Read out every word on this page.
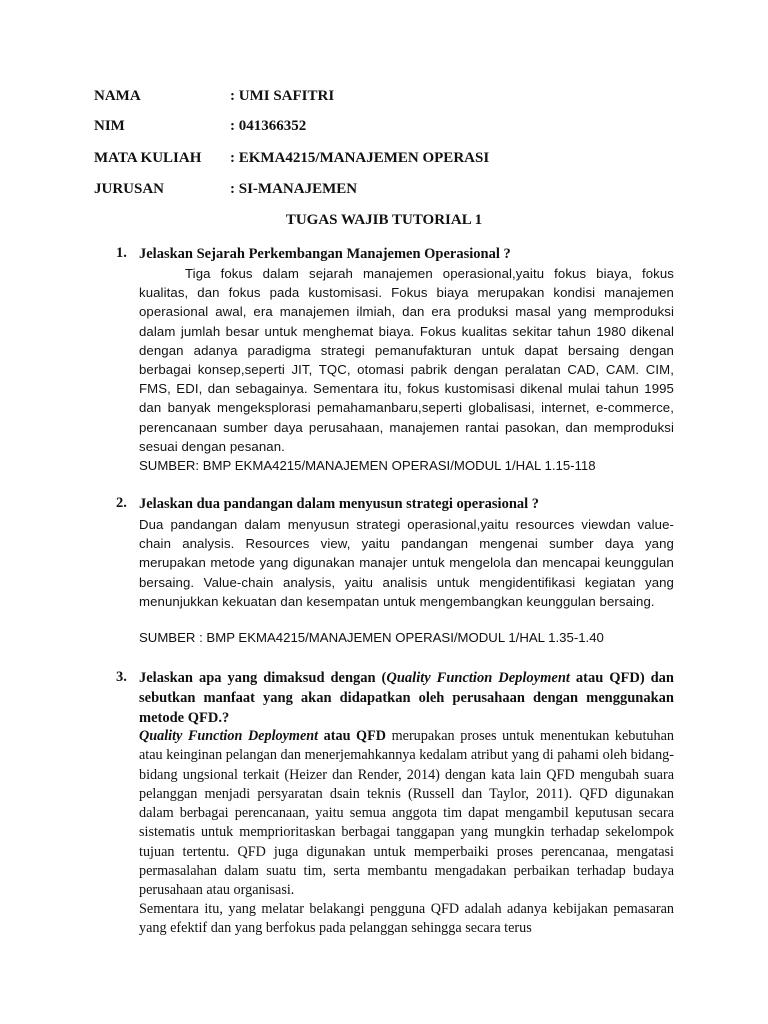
NAMA	: UMI SAFITRI
NIM	: 041366352
MATA KULIAH : EKMA4215/MANAJEMEN OPERASI
JURUSAN	: SI-MANAJEMEN
TUGAS WAJIB TUTORIAL 1
1. Jelaskan Sejarah Perkembangan Manajemen Operasional ?
Tiga fokus dalam sejarah manajemen operasional,yaitu fokus biaya, fokus kualitas, dan fokus pada kustomisasi. Fokus biaya merupakan kondisi manajemen operasional awal, era manajemen ilmiah, dan era produksi masal yang memproduksi dalam jumlah besar untuk menghemat biaya. Fokus kualitas sekitar tahun 1980 dikenal dengan adanya paradigma strategi pemanufakturan untuk dapat bersaing dengan berbagai konsep,seperti JIT, TQC, otomasi pabrik dengan peralatan CAD, CAM. CIM, FMS, EDI, dan sebagainya. Sementara itu, fokus kustomisasi dikenal mulai tahun 1995 dan banyak mengeksplorasi pemahamanbaru,seperti globalisasi, internet, e-commerce, perencanaan sumber daya perusahaan, manajemen rantai pasokan, dan memproduksi sesuai dengan pesanan.
SUMBER: BMP EKMA4215/MANAJEMEN OPERASI/MODUL 1/HAL 1.15-118
2. Jelaskan dua pandangan dalam menyusun strategi operasional ?
Dua pandangan dalam menyusun strategi operasional,yaitu resources viewdan value-chain analysis. Resources view, yaitu pandangan mengenai sumber daya yang merupakan metode yang digunakan manajer untuk mengelola dan mencapai keunggulan bersaing. Value-chain analysis, yaitu analisis untuk mengidentifikasi kegiatan yang menunjukkan kekuatan dan kesempatan untuk mengembangkan keunggulan bersaing.
SUMBER : BMP EKMA4215/MANAJEMEN OPERASI/MODUL 1/HAL 1.35-1.40
3. Jelaskan apa yang dimaksud dengan (Quality Function Deployment atau QFD) dan sebutkan manfaat yang akan didapatkan oleh perusahaan dengan menggunakan metode QFD.?
Quality Function Deployment atau QFD merupakan proses untuk menentukan kebutuhan atau keinginan pelangan dan menerjemahkannya kedalam atribut yang di pahami oleh bidang-bidang ungsional terkait (Heizer dan Render, 2014) dengan kata lain QFD mengubah suara pelanggan menjadi persyaratan dsain teknis (Russell dan Taylor, 2011). QFD digunakan dalam berbagai perencanaan, yaitu semua anggota tim dapat mengambil keputusan secara sistematis untuk memprioritaskan berbagai tanggapan yang mungkin terhadap sekelompok tujuan tertentu. QFD juga digunakan untuk memperbaiki proses perencanaa, mengatasi permasalahan dalam suatu tim, serta membantu mengadakan perbaikan terhadap budaya perusahaan atau organisasi.
Sementara itu, yang melatar belakangi pengguna QFD adalah adanya kebijakan pemasaran yang efektif dan yang berfokus pada pelanggan sehingga secara terus
